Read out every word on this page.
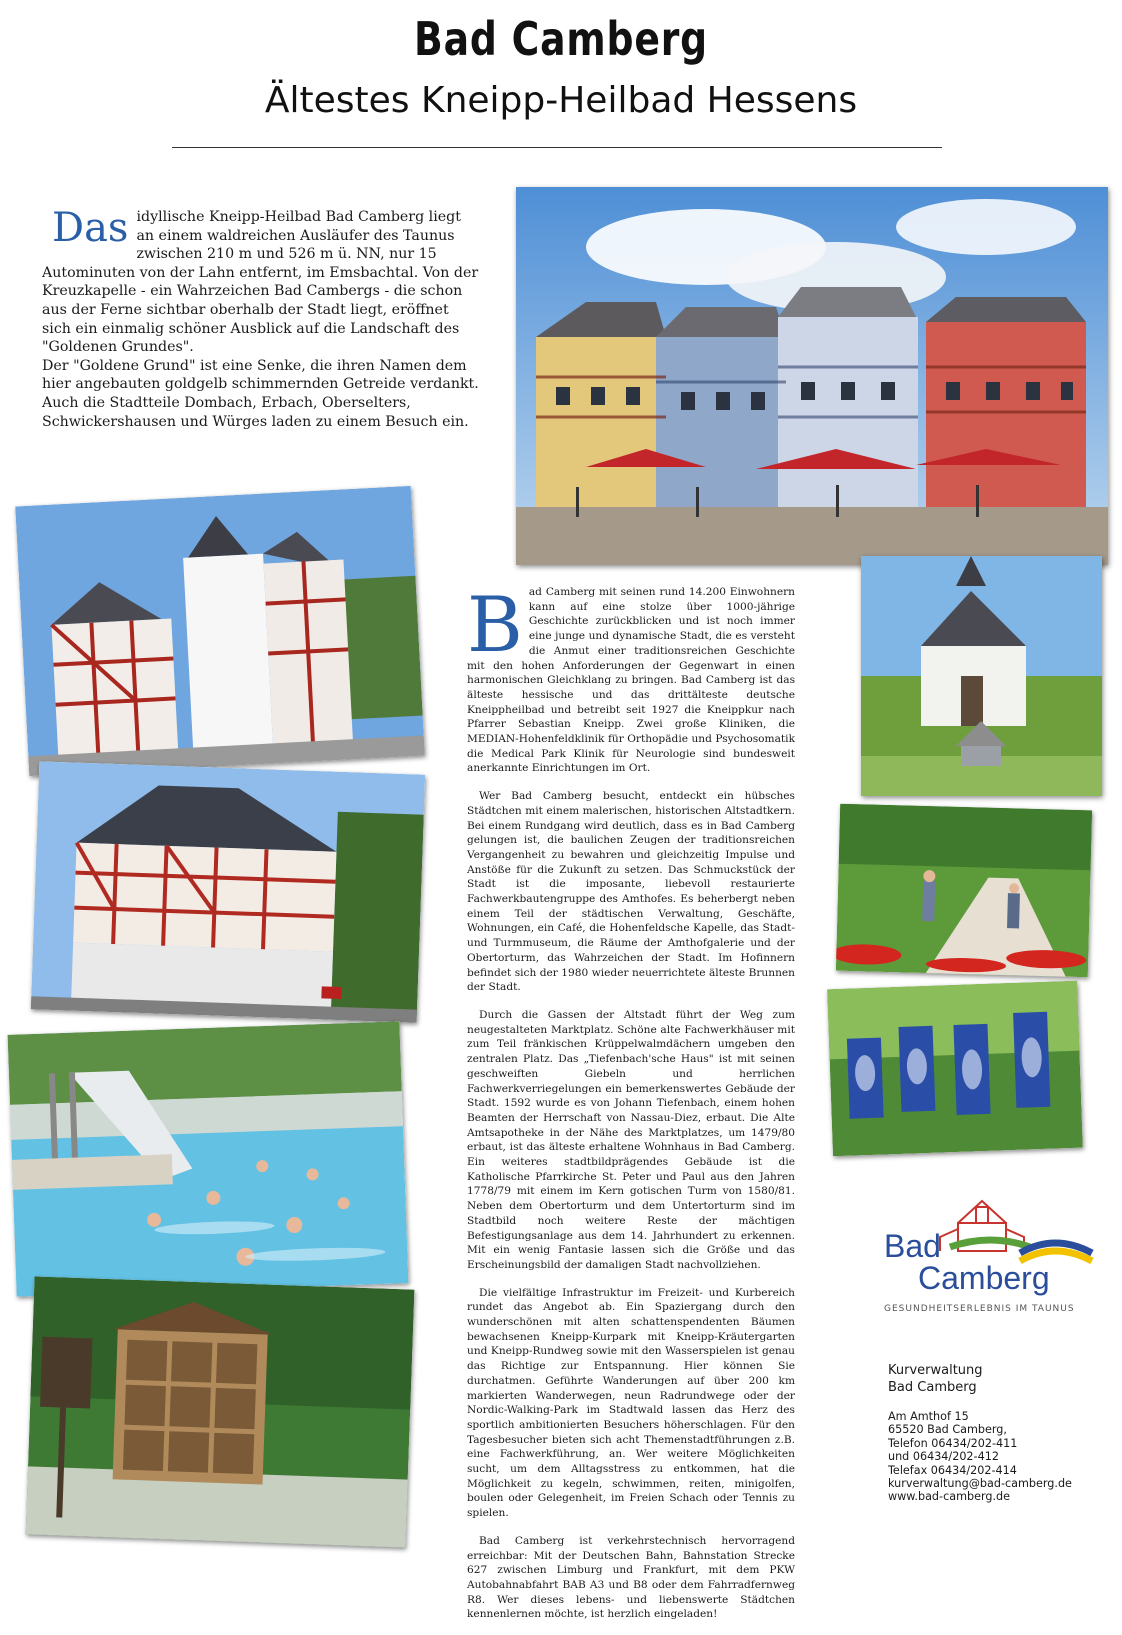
Bad Camberg
Ältestes Kneipp-Heilbad Hessens
Das idyllische Kneipp-Heilbad Bad Camberg liegt an einem waldreichen Ausläufer des Taunus zwischen 210 m und 526 m ü. NN, nur 15 Autominuten von der Lahn entfernt, im Emsbachtal. Von der Kreuzkapelle - ein Wahrzeichen Bad Cambergs - die schon aus der Ferne sichtbar oberhalb der Stadt liegt, eröffnet sich ein einmalig schöner Ausblick auf die Landschaft des "Goldenen Grundes".
Der "Goldene Grund" ist eine Senke, die ihren Namen dem hier angebauten goldgelb schimmernden Getreide verdankt. Auch die Stadtteile Dombach, Erbach, Oberselters, Schwickershausen und Würges laden zu einem Besuch ein.

Bad Camberg mit seinen rund 14.200 Einwohnern kann auf eine stolze über 1000-jährige Geschichte zurückblicken und ist noch immer eine junge und dynamische Stadt, die es versteht die Anmut einer traditionsreichen Geschichte mit den hohen Anforderungen der Gegenwart in einen harmonischen Gleichklang zu bringen. Bad Camberg ist das älteste hessische und das drittälteste deutsche Kneippheilbad und betreibt seit 1927 die Kneippkur nach Pfarrer Sebastian Kneipp. Zwei große Kliniken, die MEDIAN-Hohenfeldklinik für Orthopädie und Psychosomatik die Medical Park Klinik für Neurologie sind bundesweit anerkannte Einrichtungen im Ort.

Wer Bad Camberg besucht, entdeckt ein hübsches Städtchen mit einem malerischen, historischen Altstadtkern. Bei einem Rundgang wird deutlich, dass es in Bad Camberg gelungen ist, die baulichen Zeugen der traditionsreichen Vergangenheit zu bewahren und gleichzeitig Impulse und Anstöße für die Zukunft zu setzen. Das Schmuckstück der Stadt ist die imposante, liebevoll restaurierte Fachwerkbautengruppe des Amthofes. Es beherbergt neben einem Teil der städtischen Verwaltung, Geschäfte, Wohnungen, ein Café, die Hohenfeldsche Kapelle, das Stadt- und Turmmuseum, die Räume der Amthofgalerie und der Obertorturm, das Wahrzeichen der Stadt. Im Hofinnern befindet sich der 1980 wieder neuerrichtete älteste Brunnen der Stadt.

Durch die Gassen der Altstadt führt der Weg zum neugestalteten Marktplatz. Schöne alte Fachwerkhäuser mit zum Teil fränkischen Krüppelwalmdächern umgeben den zentralen Platz. Das „Tiefenbach'sche Haus" ist mit seinen geschweiften Giebeln und herrlichen Fachwerkverriegelungen ein bemerkenswertes Gebäude der Stadt. 1592 wurde es von Johann Tiefenbach, einem hohen Beamten der Herrschaft von Nassau-Diez, erbaut. Die Alte Amtsapotheke in der Nähe des Marktplatzes, um 1479/80 erbaut, ist das älteste erhaltene Wohnhaus in Bad Camberg. Ein weiteres stadtbildprägendes Gebäude ist die Katholische Pfarrkirche St. Peter und Paul aus den Jahren 1778/79 mit einem im Kern gotischen Turm von 1580/81. Neben dem Obertorturm und dem Untertorturm sind im Stadtbild noch weitere Reste der mächtigen Befestigungsanlage aus dem 14. Jahrhundert zu erkennen. Mit ein wenig Fantasie lassen sich die Größe und das Erscheinungsbild der damaligen Stadt nachvollziehen.

Die vielfältige Infrastruktur im Freizeit- und Kurbereich rundet das Angebot ab. Ein Spaziergang durch den wunderschönen mit alten schattenspendenten Bäumen bewachsenen Kneipp-Kurpark mit Kneipp-Kräutergarten und Kneipp-Rundweg sowie mit den Wasserspielen ist genau das Richtige zur Entspannung. Hier können Sie durchatmen. Geführte Wanderungen auf über 200 km markierten Wanderwegen, neun Radrundwege oder der Nordic-Walking-Park im Stadtwald lassen das Herz des sportlich ambitionierten Besuchers höherschlagen. Für den Tagesbesucher bieten sich acht Themenstadtführungen z.B. eine Fachwerkführung, an. Wer weitere Möglichkeiten sucht, um dem Alltagsstress zu entkommen, hat die Möglichkeit zu kegeln, schwimmen, reiten, minigolfen, boulen oder Gelegenheit, im Freien Schach oder Tennis zu spielen.

Bad Camberg ist verkehrstechnisch hervorragend erreichbar: Mit der Deutschen Bahn, Bahnstation Strecke 627 zwischen Limburg und Frankfurt, mit dem PKW Autobahnabfahrt BAB A3 und B8 oder dem Fahrradfernweg R8. Wer dieses lebens- und liebenswerte Städtchen kennenlernen möchte, ist herzlich eingeladen!

Bad
Camberg
GESUNDHEITSERLEBNIS IM TAUNUS
Kurverwaltung
Bad Camberg
Am Amthof 15
65520 Bad Camberg,
Telefon 06434/202-411
und 06434/202-412
Telefax 06434/202-414
kurverwaltung@bad-camberg.de
www.bad-camberg.de
